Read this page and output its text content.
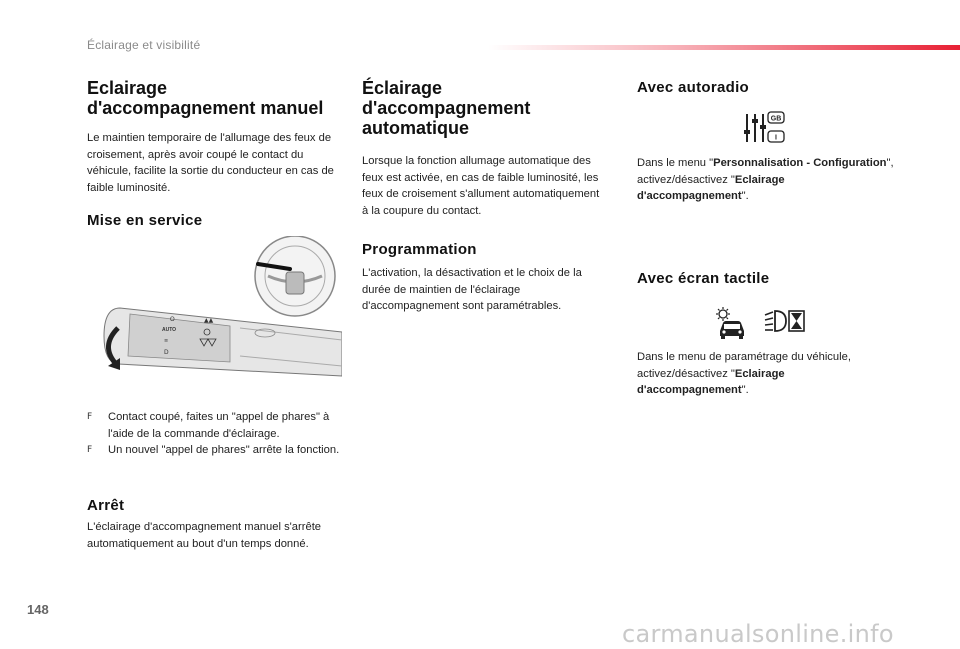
Éclairage et visibilité
Eclairage
d'accompagnement manuel

Le maintien temporaire de l'allumage des feux de croisement, après avoir coupé le contact du véhicule, facilite la sortie du conducteur en cas de faible luminosité.

Mise en service
O
AUTO
▲▲
≡
D
F Contact coupé, faites un "appel de phares" à l'aide de la commande d'éclairage.
F Un nouvel "appel de phares" arrête la fonction.
Arrêt

L'éclairage d'accompagnement manuel s'arrête automatiquement au bout d'un temps donné.

Éclairage
d'accompagnement
automatique

Lorsque la fonction allumage automatique des feux est activée, en cas de faible luminosité, les feux de croisement s'allument automatiquement à la coupure du contact.

Programmation

L'activation, la désactivation et le choix de la durée de maintien de l'éclairage d'accompagnement sont paramétrables.

Avec autoradio
GB
I

Dans le menu "Personnalisation - Configuration", activez/désactivez "Eclairage d'accompagnement".

Avec écran tactile

Dans le menu de paramétrage du véhicule, activez/désactivez "Eclairage d'accompagnement".

148
carmanualsonline.info
